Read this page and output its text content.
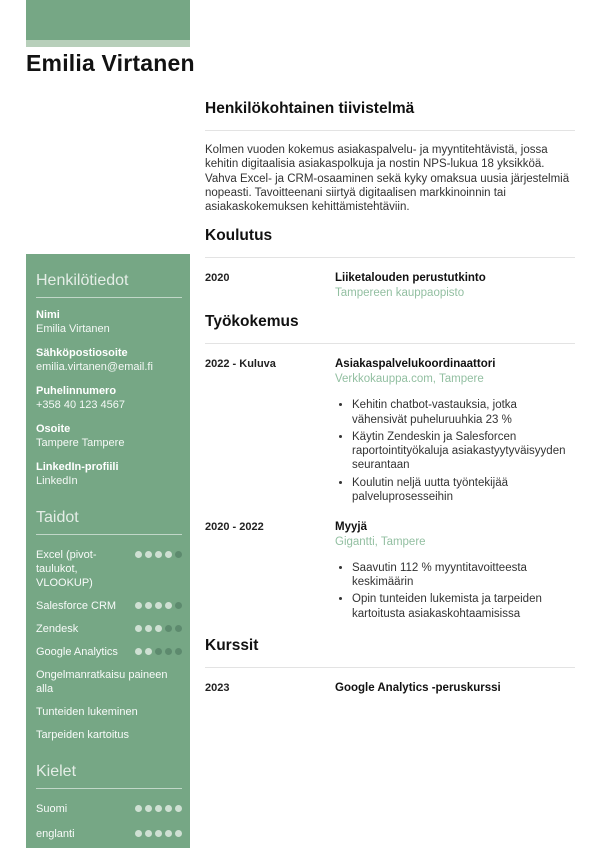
Emilia Virtanen
Henkilötiedot
Nimi
Emilia Virtanen
Sähköpostiosoite
emilia.virtanen@email.fi
Puhelinnumero
+358 40 123 4567
Osoite
Tampere Tampere
LinkedIn-profiili
LinkedIn
Taidot
Excel (pivot-taulukot, VLOOKUP)
Salesforce CRM
Zendesk
Google Analytics
Ongelmanratkaisu paineen alla
Tunteiden lukeminen
Tarpeiden kartoitus
Kielet
Suomi
englanti
Henkilökohtainen tiivistelmä

Kolmen vuoden kokemus asiakaspalvelu- ja myyntitehtävistä, jossa kehitin digitaalisia asiakaspolkuja ja nostin NPS-lukua 18 yksikköä. Vahva Excel- ja CRM-osaaminen sekä kyky omaksua uusia järjestelmiä nopeasti. Tavoitteenani siirtyä digitaalisen markkinoinnin tai asiakaskokemuksen kehittämistehtäviin.

Koulutus
2020	Liiketalouden perustutkinto
Tampereen kauppaopisto
Työkokemus
2022 - Kuluva	Asiakaspalvelukoordinaattori
Verkkokauppa.com, Tampere
• Kehitin chatbot-vastauksia, jotka vähensivät puheluruuhkia 23 %
• Käytin Zendeskin ja Salesforcen raportointityökaluja asiakastyytyväisyyden seurantaan
• Koulutin neljä uutta työntekijää palveluprosesseihin
2020 - 2022	Myyjä
Gigantti, Tampere
• Saavutin 112 % myyntitavoitteesta keskimäärin
• Opin tunteiden lukemista ja tarpeiden kartoitusta asiakaskohtaamisissa
Kurssit
2023	Google Analytics -peruskurssi
